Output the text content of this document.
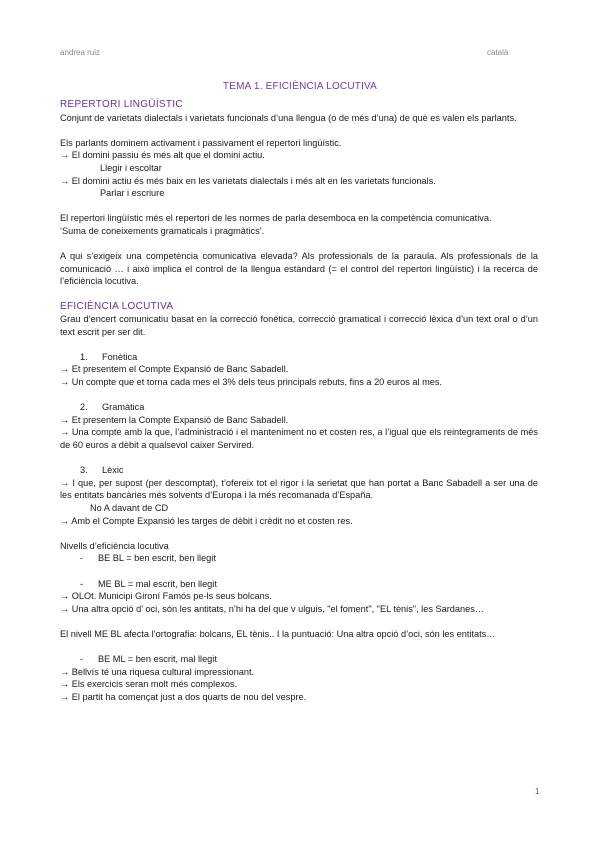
andrea ruiz	català
TEMA 1. EFICIÈNCIA LOCUTIVA

REPERTORI LINGÜÍSTIC

Conjunt de varietats dialectals i varietats funcionals d’una llengua (o de més d’una) de què es valen els parlants.

Els parlants dominem activament i passivament el repertori lingüístic.

→ El domini passiu és més alt que el domini actiu.

Llegir i escoltar

→ El domini actiu és més baix en les varietats dialectals i més alt en les varietats funcionals.

Parlar i escriure

El repertori lingüístic més el repertori de les normes de parla desemboca en la competència comunicativa.

‘Suma de coneixements gramaticals i pragmàtics’.

A qui s’exigeix una competència comunicativa elevada? Als professionals de la paraula. Als professionals de la comunicació … i això implica el control de la llengua estàndard (= el control del repertori lingüístic) i la recerca de l’eficiència locutiva.

EFICIÈNCIA LOCUTIVA

Grau d’encert comunicatiu basat en la correcció fonètica, correcció gramatical i correcció lèxica d’un text oral o d’un text escrit per ser dit.

1. Fonètica

→ Et presentem el Compte Expansió de Banc Sabadell.

→ Un compte que et torna cada mes el 3% dels teus principals rebuts, fins a 20 euros al mes.

2. Gramàtica

→ Et presentem la Compte Expansió de Banc Sabadell.

→ Una compte amb la que, l’administració i el manteniment no et costen res, a l’igual que els reintegraments de més de 60 euros a dèbit a qualsevol caixer Servired.

3. Lèxic

→ I que, per supost (per descomptat), t’ofereix tot el rigor i la serietat que han portat a Banc Sabadell a ser una de les entitats bancàries més solvents d’Europa i la més recomanada d’España.

No A davant de CD

→ Amb el Compte Expansió les targes de dèbit i crèdit no et costen res.

Nivells d’eficiència locutiva

- BE BL = ben escrit, ben llegit

- ME BL = mal escrit, ben llegit

→ OLOt. Municipi Gironí Famós pe-ls seus bolcans.

→ Una altra opció d’ oci, són les antitats, n’hi ha del que v ulguis, "el foment", "EL tènis", les Sardanes…

El nivell ME BL afecta l’ortografia: bolcans, EL tènis.. I la puntuació: Una altra opció d’oci, són les entitats…

- BE ML = ben escrit, mal llegit

→ Bellvís té una riquesa cultural impressionant.

→ Els exercicis seran molt més complexos.

→ El partit ha començat just a dos quarts de nou del vespre.

1
